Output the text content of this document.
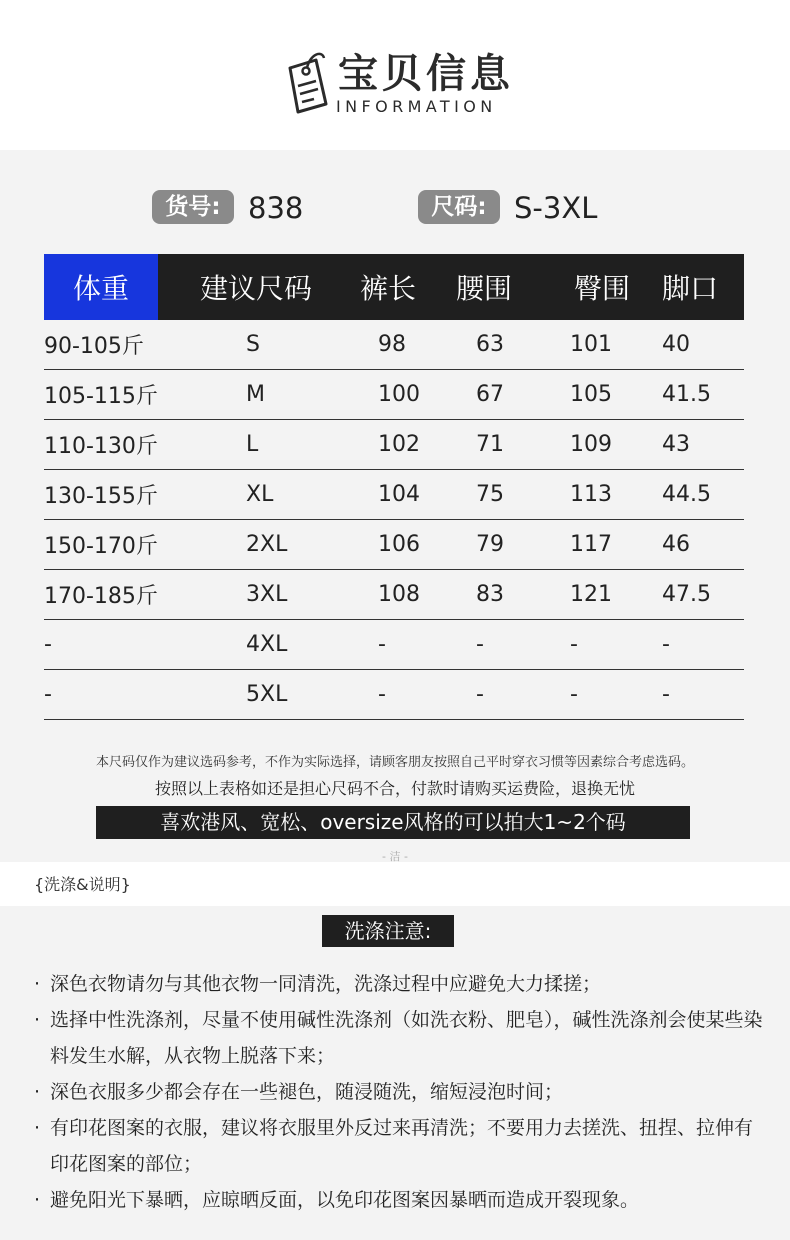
宝贝信息
INFORMATION
货号: 838	尺码: S-3XL
体重	建议尺码	裤长	腰围	臀围	脚口
90-105斤	S	98	63	101	40
105-115斤	M	100	67	105	41.5
110-130斤	L	102	71	109	43
130-155斤	XL	104	75	113	44.5
150-170斤	2XL	106	79	117	46
170-185斤	3XL	108	83	121	47.5
-	4XL	-	-	-	-
-	5XL	-	-	-	-
本尺码仅作为建议选码参考，不作为实际选择，请顾客朋友按照自己平时穿衣习惯等因素综合考虑选码。
按照以上表格如还是担心尺码不合，付款时请购买运费险，退换无忧
喜欢港风、宽松、oversize风格的可以拍大1~2个码
- 洁 -
{洗涤&说明}
洗涤注意:
· 深色衣物请勿与其他衣物一同清洗，洗涤过程中应避免大力揉搓；
· 选择中性洗涤剂，尽量不使用碱性洗涤剂（如洗衣粉、肥皂），碱性洗涤剂会使某些染料发生水解，从衣物上脱落下来；
· 深色衣服多少都会存在一些褪色，随浸随洗，缩短浸泡时间；
· 有印花图案的衣服，建议将衣服里外反过来再清洗；不要用力去搓洗、扭捏、拉伸有印花图案的部位；
· 避免阳光下暴晒，应晾晒反面，以免印花图案因暴晒而造成开裂现象。
